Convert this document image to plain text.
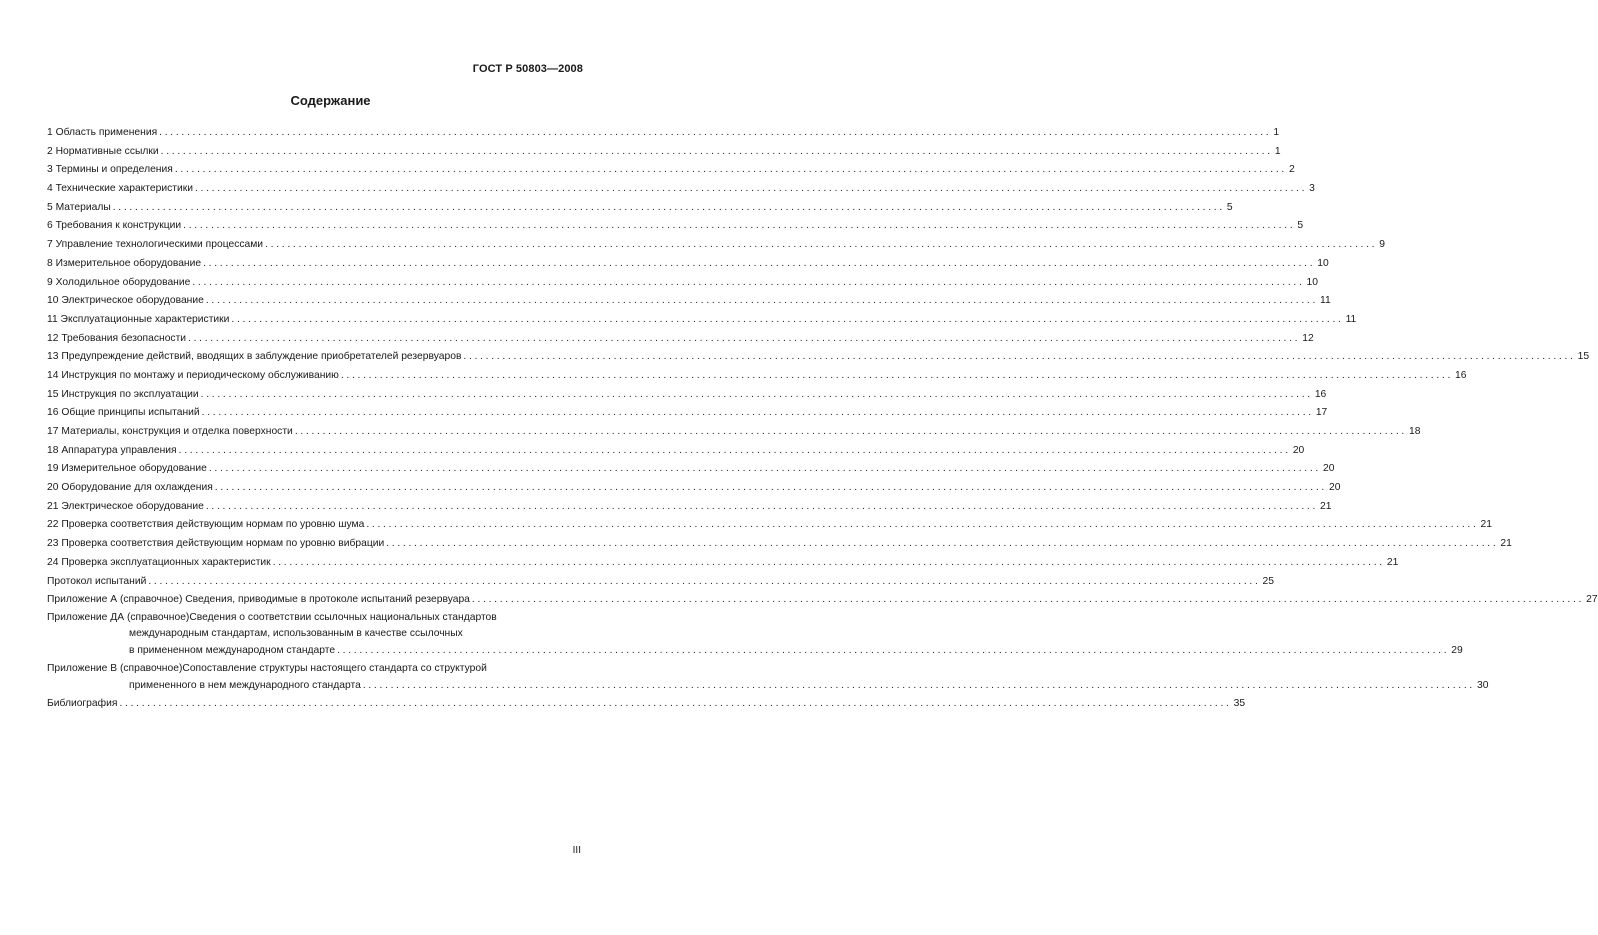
ГОСТ Р 50803—2008
Содержание
1 Область применения ........................................................................................................................................................................................................ 1
2 Нормативные ссылки ........................................................................................................................................................................................................ 1
3 Термины и определения ........................................................................................................................................................................................................ 2
4 Технические характеристики ........................................................................................................................................................................................................ 3
5 Материалы ........................................................................................................................................................................................................ 5
6 Требования к конструкции ........................................................................................................................................................................................................ 5
7 Управление технологическими процессами ........................................................................................................................................................................................................ 9
8 Измерительное оборудование ........................................................................................................................................................................................................ 10
9 Холодильное оборудование ........................................................................................................................................................................................................ 10
10 Электрическое оборудование ........................................................................................................................................................................................................ 11
11 Эксплуатационные характеристики ........................................................................................................................................................................................................ 11
12 Требования безопасности ........................................................................................................................................................................................................ 12
13 Предупреждение действий, вводящих в заблуждение приобретателей резервуаров ........................................................................................................................................................................................................ 15
14 Инструкция по монтажу и периодическому обслуживанию ........................................................................................................................................................................................................ 16
15 Инструкция по эксплуатации ........................................................................................................................................................................................................ 16
16 Общие принципы испытаний ........................................................................................................................................................................................................ 17
17 Материалы, конструкция и отделка поверхности ........................................................................................................................................................................................................ 18
18 Аппаратура управления ........................................................................................................................................................................................................ 20
19 Измерительное оборудование ........................................................................................................................................................................................................ 20
20 Оборудование для охлаждения ........................................................................................................................................................................................................ 20
21 Электрическое оборудование ........................................................................................................................................................................................................ 21
22 Проверка соответствия действующим нормам по уровню шума ........................................................................................................................................................................................................ 21
23 Проверка соответствия действующим нормам по уровню вибрации ........................................................................................................................................................................................................ 21
24 Проверка эксплуатационных характеристик ........................................................................................................................................................................................................ 21
Протокол испытаний ........................................................................................................................................................................................................ 25
Приложение А (справочное) Сведения, приводимые в протоколе испытаний резервуара ........................................................................................................................................................................................................ 27
Приложение ДА (справочное) Сведения о соответствии ссылочных национальных стандартов
международным стандартам, использованным в качестве ссылочных
в примененном международном стандарте ........................................................................................................................................................................................................ 29
Приложение В (справочное) Сопоставление структуры настоящего стандарта со структурой
примененного в нем международного стандарта ........................................................................................................................................................................................................ 30
Библиография ........................................................................................................................................................................................................ 35
III
